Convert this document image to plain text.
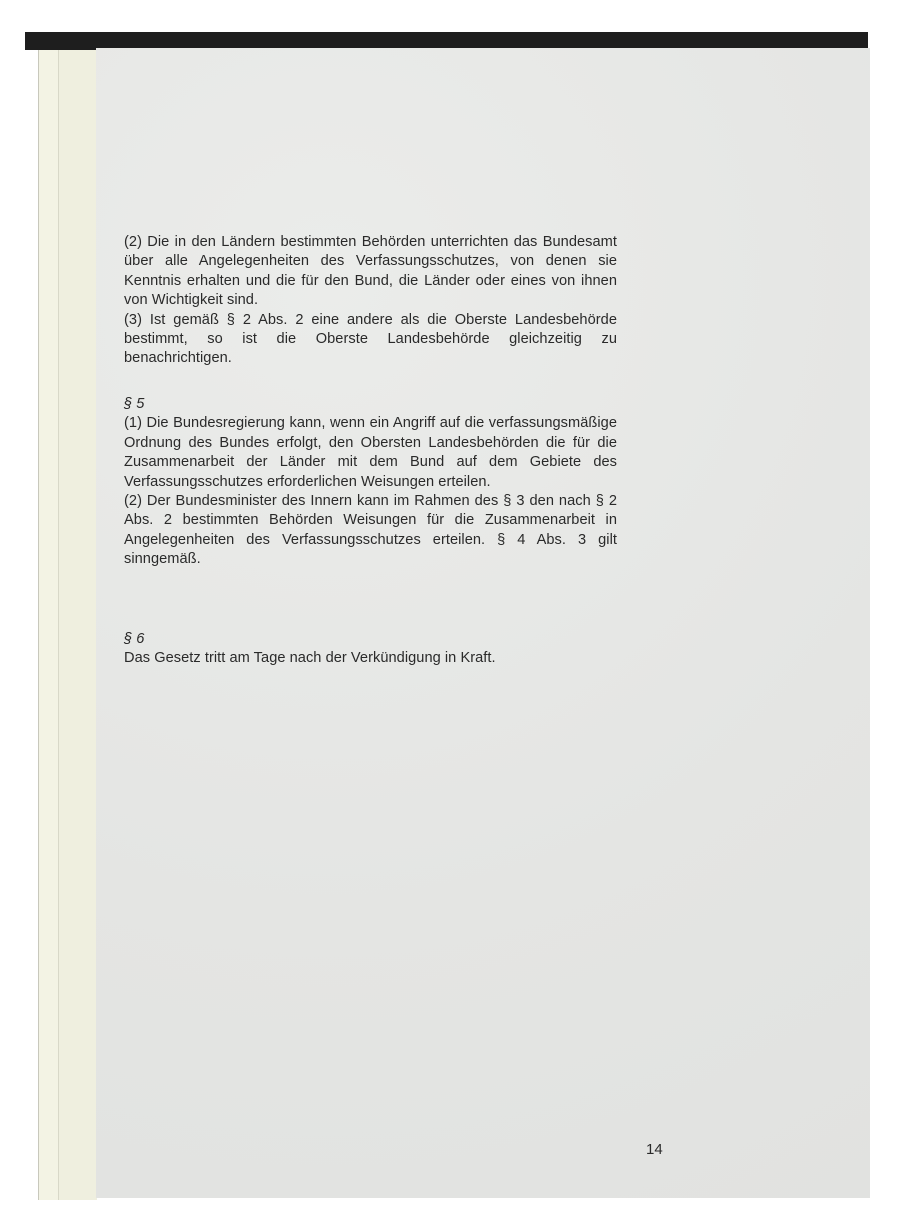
(2) Die in den Ländern bestimmten Behörden unterrichten das Bundesamt über alle Angelegenheiten des Verfassungsschutzes, von denen sie Kenntnis erhalten und die für den Bund, die Länder oder eines von ihnen von Wichtigkeit sind.

(3) Ist gemäß § 2 Abs. 2 eine andere als die Oberste Landesbehörde bestimmt, so ist die Oberste Landesbehörde gleichzeitig zu benachrichtigen.

§ 5

(1) Die Bundesregierung kann, wenn ein Angriff auf die verfassungsmäßige Ordnung des Bundes erfolgt, den Obersten Landesbehörden die für die Zusammenarbeit der Länder mit dem Bund auf dem Gebiete des Verfassungsschutzes erforderlichen Weisungen erteilen.

(2) Der Bundesminister des Innern kann im Rahmen des § 3 den nach § 2 Abs. 2 bestimmten Behörden Weisungen für die Zusammenarbeit in Angelegenheiten des Verfassungsschutzes erteilen. § 4 Abs. 3 gilt sinngemäß.

§ 6

Das Gesetz tritt am Tage nach der Verkündigung in Kraft.

14
